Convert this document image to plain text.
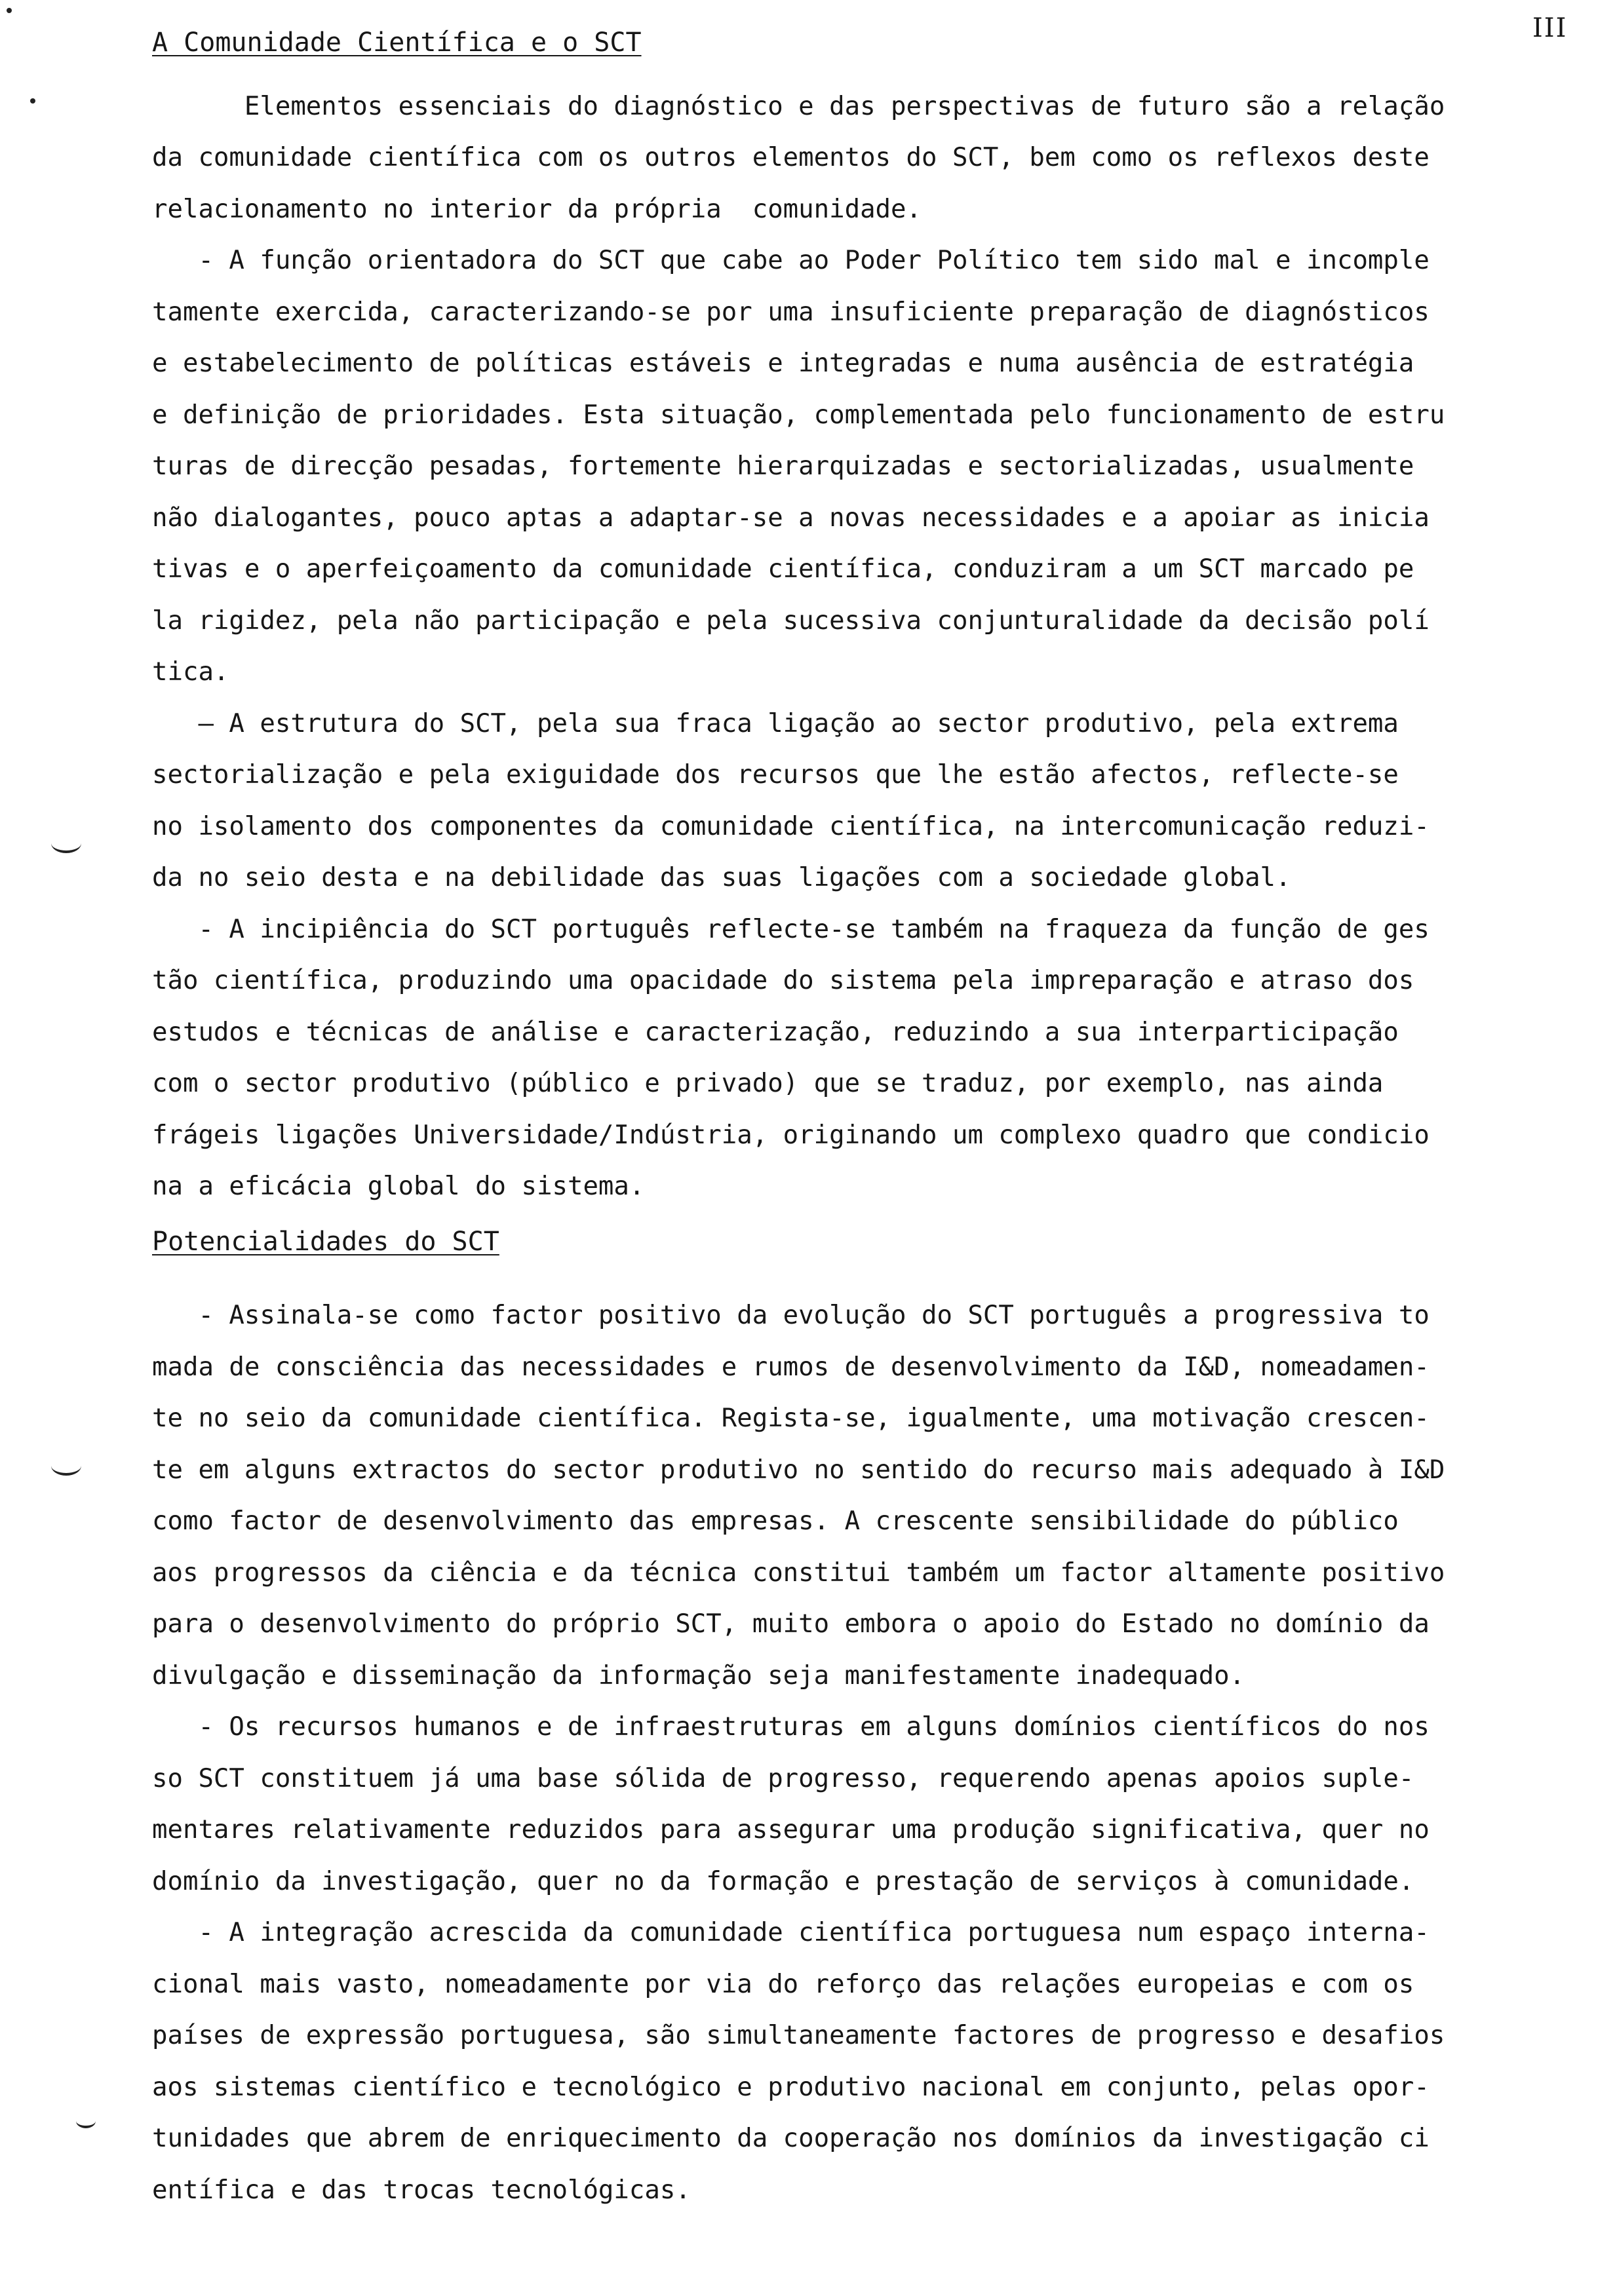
III
A Comunidade Científica e o SCT
Elementos essenciais do diagnóstico e das perspectivas de futuro são a relação
da comunidade científica com os outros elementos do SCT, bem como os reflexos deste
relacionamento no interior da própria  comunidade.
- A função orientadora do SCT que cabe ao Poder Político tem sido mal e incomple
tamente exercida, caracterizando-se por uma insuficiente preparação de diagnósticos
e estabelecimento de políticas estáveis e integradas e numa ausência de estratégia
e definição de prioridades. Esta situação, complementada pelo funcionamento de estru
turas de direcção pesadas, fortemente hierarquizadas e sectorializadas, usualmente
não dialogantes, pouco aptas a adaptar-se a novas necessidades e a apoiar as inicia
tivas e o aperfeiçoamento da comunidade científica, conduziram a um SCT marcado pe
la rigidez, pela não participação e pela sucessiva conjunturalidade da decisão polí
tica.
— A estrutura do SCT, pela sua fraca ligação ao sector produtivo, pela extrema
sectorialização e pela exiguidade dos recursos que lhe estão afectos, reflecte-se
no isolamento dos componentes da comunidade científica, na intercomunicação reduzi-
da no seio desta e na debilidade das suas ligações com a sociedade global.
- A incipiência do SCT português reflecte-se também na fraqueza da função de ges
tão científica, produzindo uma opacidade do sistema pela impreparação e atraso dos
estudos e técnicas de análise e caracterização, reduzindo a sua interparticipação
com o sector produtivo (público e privado) que se traduz, por exemplo, nas ainda
frágeis ligações Universidade/Indústria, originando um complexo quadro que condicio
na a eficácia global do sistema.
Potencialidades do SCT
- Assinala-se como factor positivo da evolução do SCT português a progressiva to
mada de consciência das necessidades e rumos de desenvolvimento da I&D, nomeadamen-
te no seio da comunidade científica. Regista-se, igualmente, uma motivação crescen-
te em alguns extractos do sector produtivo no sentido do recurso mais adequado à I&D
como factor de desenvolvimento das empresas. A crescente sensibilidade do público
aos progressos da ciência e da técnica constitui também um factor altamente positivo
para o desenvolvimento do próprio SCT, muito embora o apoio do Estado no domínio da
divulgação e disseminação da informação seja manifestamente inadequado.
- Os recursos humanos e de infraestruturas em alguns domínios científicos do nos
so SCT constituem já uma base sólida de progresso, requerendo apenas apoios suple-
mentares relativamente reduzidos para assegurar uma produção significativa, quer no
domínio da investigação, quer no da formação e prestação de serviços à comunidade.
- A integração acrescida da comunidade científica portuguesa num espaço interna-
cional mais vasto, nomeadamente por via do reforço das relações europeias e com os
países de expressão portuguesa, são simultaneamente factores de progresso e desafios
aos sistemas científico e tecnológico e produtivo nacional em conjunto, pelas opor-
tunidades que abrem de enriquecimento da cooperação nos domínios da investigação ci
entífica e das trocas tecnológicas.
